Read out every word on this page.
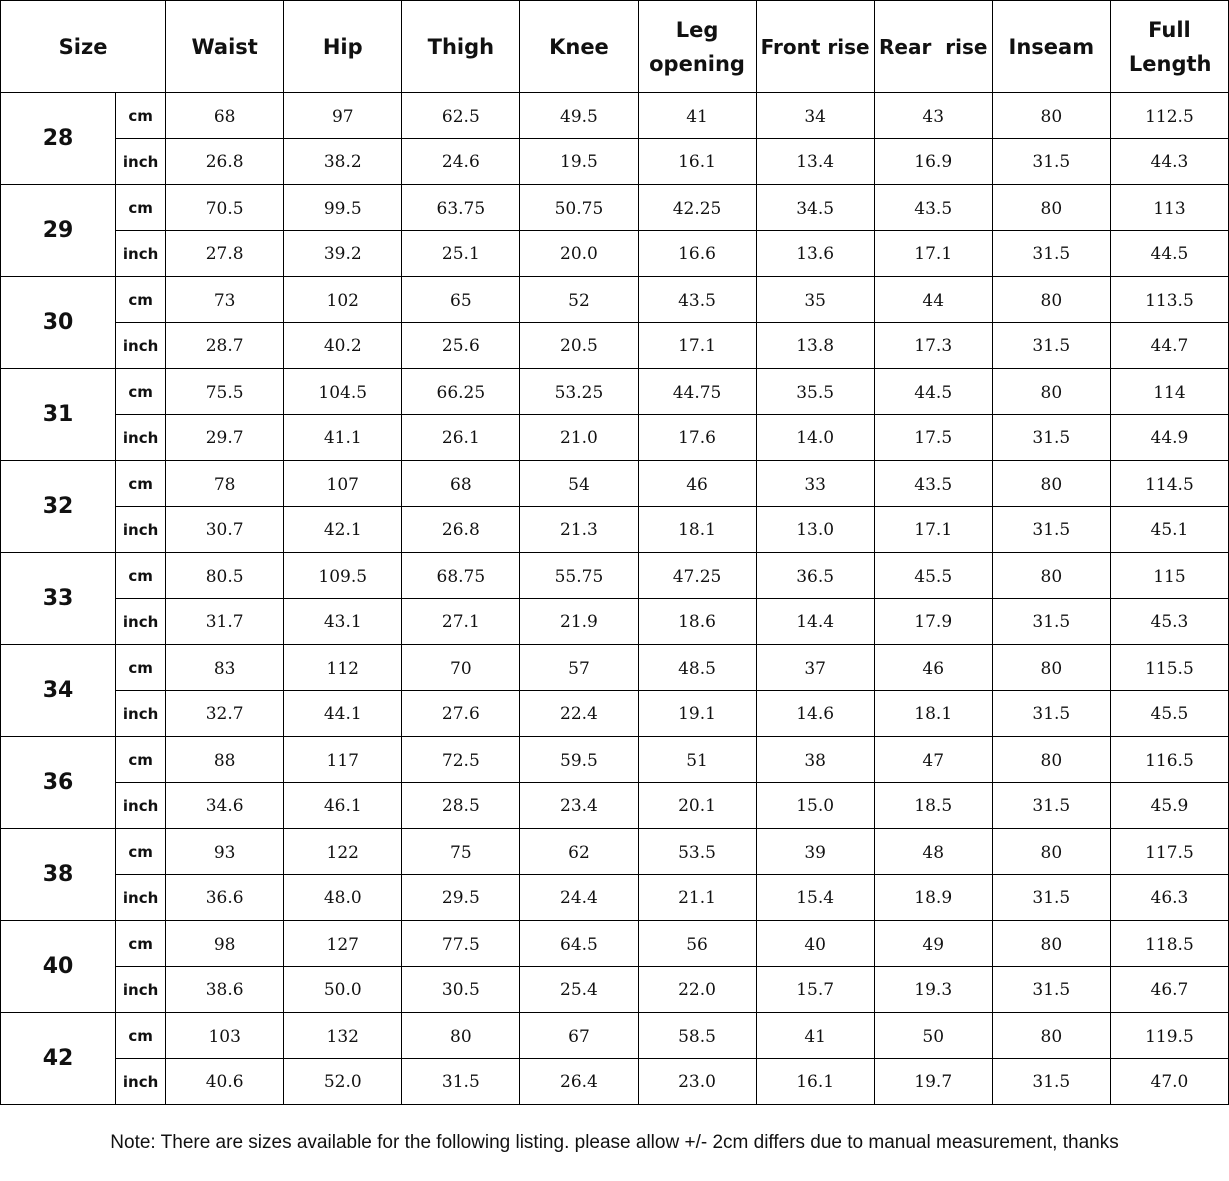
Size		Waist	Hip	Thigh	Knee	Leg opening	Front rise	Rear  rise	Inseam	Full Length
28	cm	68	97	62.5	49.5	41	34	43	80	112.5
	inch	26.8	38.2	24.6	19.5	16.1	13.4	16.9	31.5	44.3
29	cm	70.5	99.5	63.75	50.75	42.25	34.5	43.5	80	113
	inch	27.8	39.2	25.1	20.0	16.6	13.6	17.1	31.5	44.5
30	cm	73	102	65	52	43.5	35	44	80	113.5
	inch	28.7	40.2	25.6	20.5	17.1	13.8	17.3	31.5	44.7
31	cm	75.5	104.5	66.25	53.25	44.75	35.5	44.5	80	114
	inch	29.7	41.1	26.1	21.0	17.6	14.0	17.5	31.5	44.9
32	cm	78	107	68	54	46	33	43.5	80	114.5
	inch	30.7	42.1	26.8	21.3	18.1	13.0	17.1	31.5	45.1
33	cm	80.5	109.5	68.75	55.75	47.25	36.5	45.5	80	115
	inch	31.7	43.1	27.1	21.9	18.6	14.4	17.9	31.5	45.3
34	cm	83	112	70	57	48.5	37	46	80	115.5
	inch	32.7	44.1	27.6	22.4	19.1	14.6	18.1	31.5	45.5
36	cm	88	117	72.5	59.5	51	38	47	80	116.5
	inch	34.6	46.1	28.5	23.4	20.1	15.0	18.5	31.5	45.9
38	cm	93	122	75	62	53.5	39	48	80	117.5
	inch	36.6	48.0	29.5	24.4	21.1	15.4	18.9	31.5	46.3
40	cm	98	127	77.5	64.5	56	40	49	80	118.5
	inch	38.6	50.0	30.5	25.4	22.0	15.7	19.3	31.5	46.7
42	cm	103	132	80	67	58.5	41	50	80	119.5
	inch	40.6	52.0	31.5	26.4	23.0	16.1	19.7	31.5	47.0
Note: There are sizes available for the following listing. please allow +/- 2cm differs due to manual measurement, thanks
